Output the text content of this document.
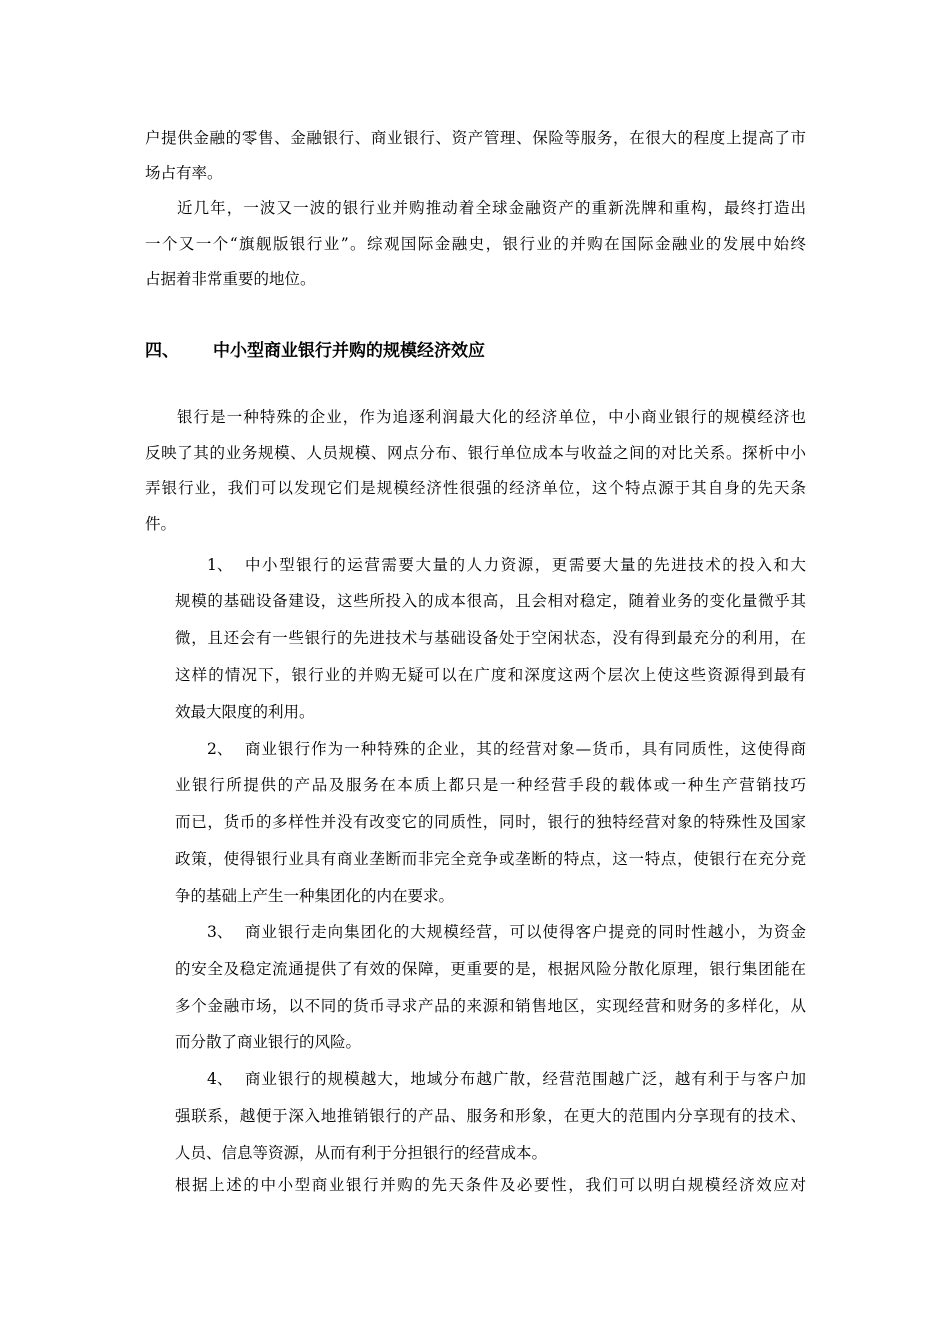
户提供金融的零售、金融银行、商业银行、资产管理、保险等服务，在很大的程度上提高了市

场占有率。

近几年，一波又一波的银行业并购推动着全球金融资产的重新洗牌和重构，最终打造出

一个又一个“旗舰版银行业”。综观国际金融史，银行业的并购在国际金融业的发展中始终

占据着非常重要的地位。

四、 中小型商业银行并购的规模经济效应

银行是一种特殊的企业，作为追逐利润最大化的经济单位，中小商业银行的规模经济也

反映了其的业务规模、人员规模、网点分布、银行单位成本与收益之间的对比关系。探析中小

弄银行业，我们可以发现它们是规模经济性很强的经济单位，这个特点源于其自身的先天条

件。

1、 中小型银行的运营需要大量的人力资源，更需要大量的先进技术的投入和大

规模的基础设备建设，这些所投入的成本很高，且会相对稳定，随着业务的变化量微乎其

微，且还会有一些银行的先进技术与基础设备处于空闲状态，没有得到最充分的利用，在

这样的情况下，银行业的并购无疑可以在广度和深度这两个层次上使这些资源得到最有

效最大限度的利用。

2、 商业银行作为一种特殊的企业，其的经营对象—货币，具有同质性，这使得商

业银行所提供的产品及服务在本质上都只是一种经营手段的载体或一种生产营销技巧

而已，货币的多样性并没有改变它的同质性，同时，银行的独特经营对象的特殊性及国家

政策，使得银行业具有商业垄断而非完全竞争或垄断的特点，这一特点，使银行在充分竞

争的基础上产生一种集团化的内在要求。

3、 商业银行走向集团化的大规模经营，可以使得客户提竞的同时性越小，为资金

的安全及稳定流通提供了有效的保障，更重要的是，根据风险分散化原理，银行集团能在

多个金融市场，以不同的货币寻求产品的来源和销售地区，实现经营和财务的多样化，从

而分散了商业银行的风险。

4、 商业银行的规模越大，地域分布越广散，经营范围越广泛，越有利于与客户加

强联系，越便于深入地推销银行的产品、服务和形象，在更大的范围内分享现有的技术、

人员、信息等资源，从而有利于分担银行的经营成本。

根据上述的中小型商业银行并购的先天条件及必要性，我们可以明白规模经济效应对
